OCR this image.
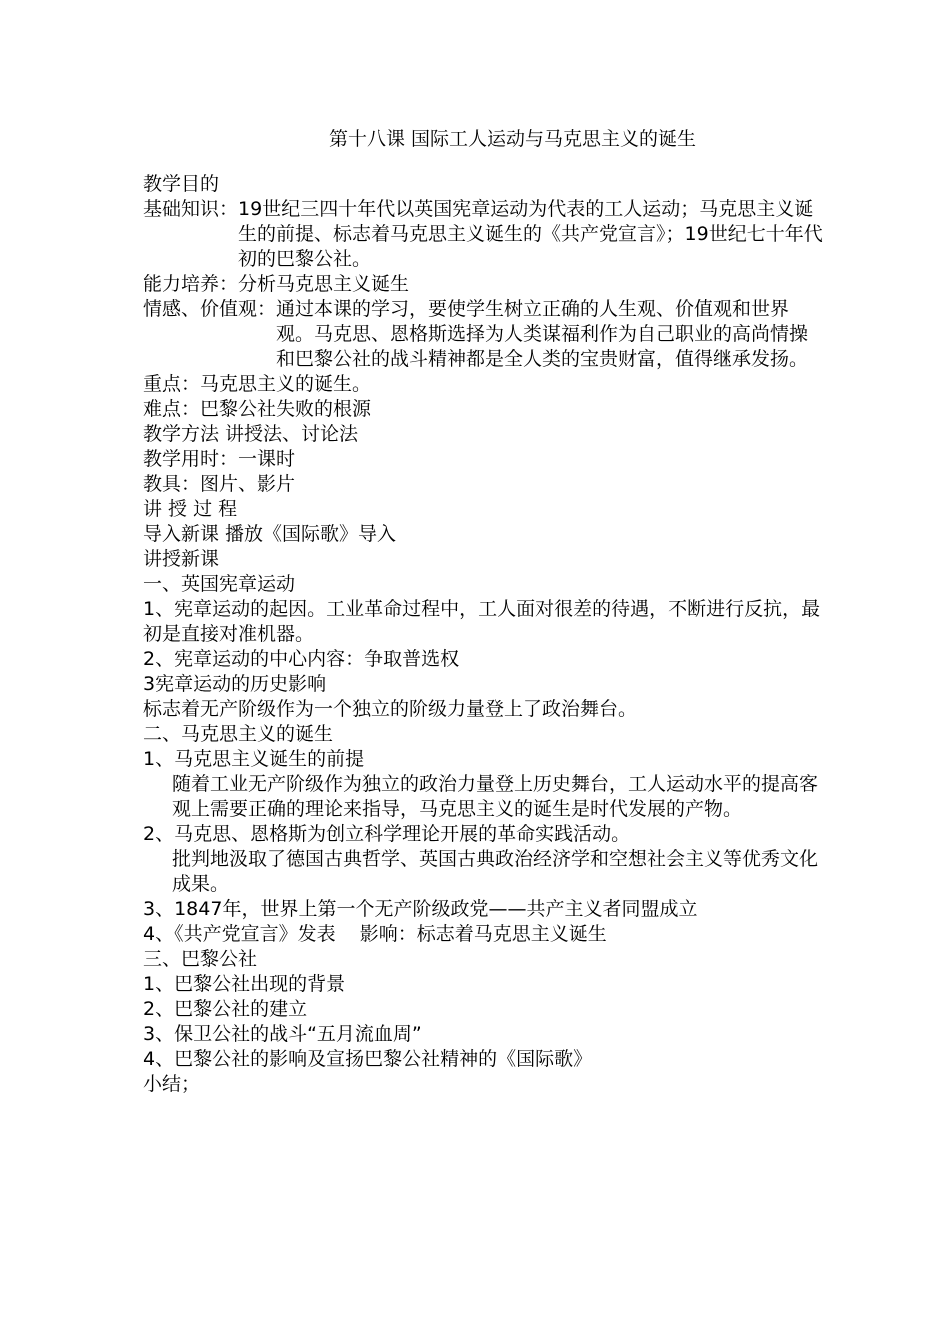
第十八课 国际工人运动与马克思主义的诞生
教学目的
基础知识： 19世纪三四十年代以英国宪章运动为代表的工人运动；马克思主义诞生的前提、标志着马克思主义诞生的《共产党宣言》；19世纪七十年代初的巴黎公社。
能力培养：分析马克思主义诞生
情感、价值观： 通过本课的学习，要使学生树立正确的人生观、价值观和世界观。马克思、恩格斯选择为人类谋福利作为自己职业的高尚情操和巴黎公社的战斗精神都是全人类的宝贵财富，值得继承发扬。
重点：马克思主义的诞生。
难点：巴黎公社失败的根源
教学方法 讲授法、讨论法
教学用时：一课时
教具：图片、影片
讲 授 过 程
导入新课 播放《国际歌》导入
讲授新课
一、英国宪章运动
1、宪章运动的起因。工业革命过程中，工人面对很差的待遇，不断进行反抗，最初是直接对准机器。
2、宪章运动的中心内容：争取普选权
3宪章运动的历史影响
标志着无产阶级作为一个独立的阶级力量登上了政治舞台。
二、马克思主义的诞生
1、马克思主义诞生的前提
随着工业无产阶级作为独立的政治力量登上历史舞台，工人运动水平的提高客观上需要正确的理论来指导，马克思主义的诞生是时代发展的产物。
2、马克思、恩格斯为创立科学理论开展的革命实践活动。
批判地汲取了德国古典哲学、英国古典政治经济学和空想社会主义等优秀文化成果。
3、1847年，世界上第一个无产阶级政党——共产主义者同盟成立
4、《共产党宣言》发表    影响：标志着马克思主义诞生
三、巴黎公社
1、巴黎公社出现的背景
2、巴黎公社的建立
3、保卫公社的战斗“五月流血周”
4、巴黎公社的影响及宣扬巴黎公社精神的《国际歌》
小结；
